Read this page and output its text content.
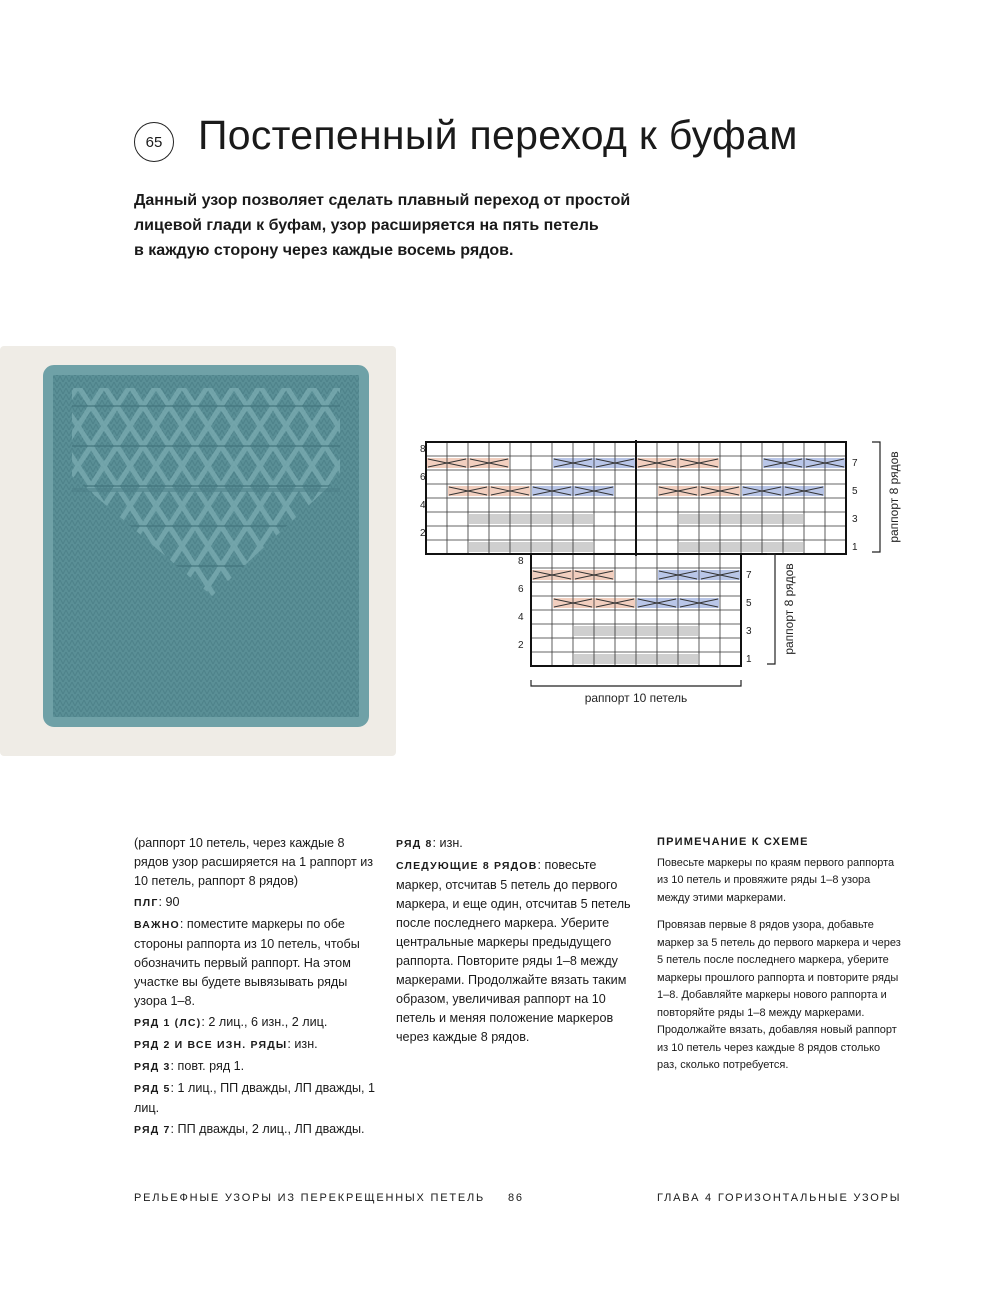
65 Постепенный переход к буфам
Данный узор позволяет сделать плавный переход от простой
лицевой глади к буфам, узор расширяется на пять петель
в каждую сторону через каждые восемь рядов.
8
6
4
2
7
5
3
1
8
6
4
2
7
5
3
1
раппорт 8 рядов
раппорт 8 рядов
раппорт 10 петель

(раппорт 10 петель, через каждые 8 рядов узор расширяется на 1 раппорт из 10 петель, раппорт 8 рядов)

ПЛГ: 90

ВАЖНО: поместите маркеры по обе стороны раппорта из 10 петель, чтобы обозначить первый раппорт. На этом участке вы будете вывязывать ряды узора 1–8.

РЯД 1 (ЛС): 2 лиц., 6 изн., 2 лиц.

РЯД 2 И ВСЕ ИЗН. РЯДЫ: изн.

РЯД 3: повт. ряд 1.

РЯД 5: 1 лиц., ПП дважды, ЛП дважды, 1 лиц.

РЯД 7: ПП дважды, 2 лиц., ЛП дважды.

РЯД 8: изн.

СЛЕДУЮЩИЕ 8 РЯДОВ: повесьте маркер, отсчитав 5 петель до первого маркера, и еще один, отсчитав 5 петель после последнего маркера. Уберите центральные маркеры предыдущего раппорта. Повторите ряды 1–8 между маркерами. Продолжайте вязать таким образом, увеличивая раппорт на 10 петель и меняя положение маркеров через каждые 8 рядов.

ПРИМЕЧАНИЕ К СХЕМЕ

Повесьте маркеры по краям первого раппорта из 10 петель и провяжите ряды 1–8 узора между этими маркерами.

Провязав первые 8 рядов узора, добавьте маркер за 5 петель до первого маркера и через 5 петель после последнего маркера, уберите маркеры прошлого раппорта и повторите ряды 1–8. Добавляйте маркеры нового раппорта и повторяйте ряды 1–8 между маркерами. Продолжайте вязать, добавляя новый раппорт из 10 петель через каждые 8 рядов столько раз, сколько потребуется.

РЕЛЬЕФНЫЕ УЗОРЫ ИЗ ПЕРЕКРЕЩЕННЫХ ПЕТЕЛЬ 86	ГЛАВА 4 ГОРИЗОНТАЛЬНЫЕ УЗОРЫ
